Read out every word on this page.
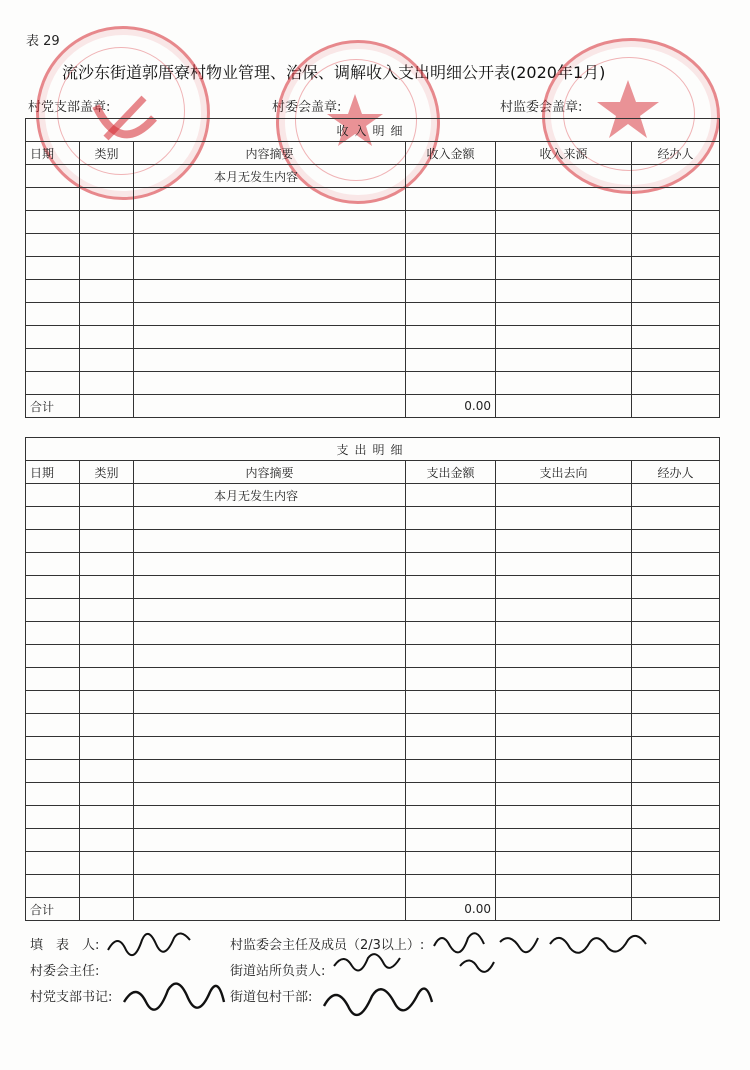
表 29
流沙东街道郭厝寮村物业管理、治保、调解收入支出明细公开表(2020年1月)
村党支部盖章:	村委会盖章:	村监委会盖章:
收入明细					
日期	类别	内容摘要	收入金额	收入来源	经办人
		本月无发生内容			

合计			0.00		
支出明细					
日期	类别	内容摘要	支出金额	支出去向	经办人
		本月无发生内容			

合计			0.00		
填　表　人:	村监委会主任及成员（2/3以上）:
村委会主任:	街道站所负责人:
村党支部书记:	街道包村干部:
